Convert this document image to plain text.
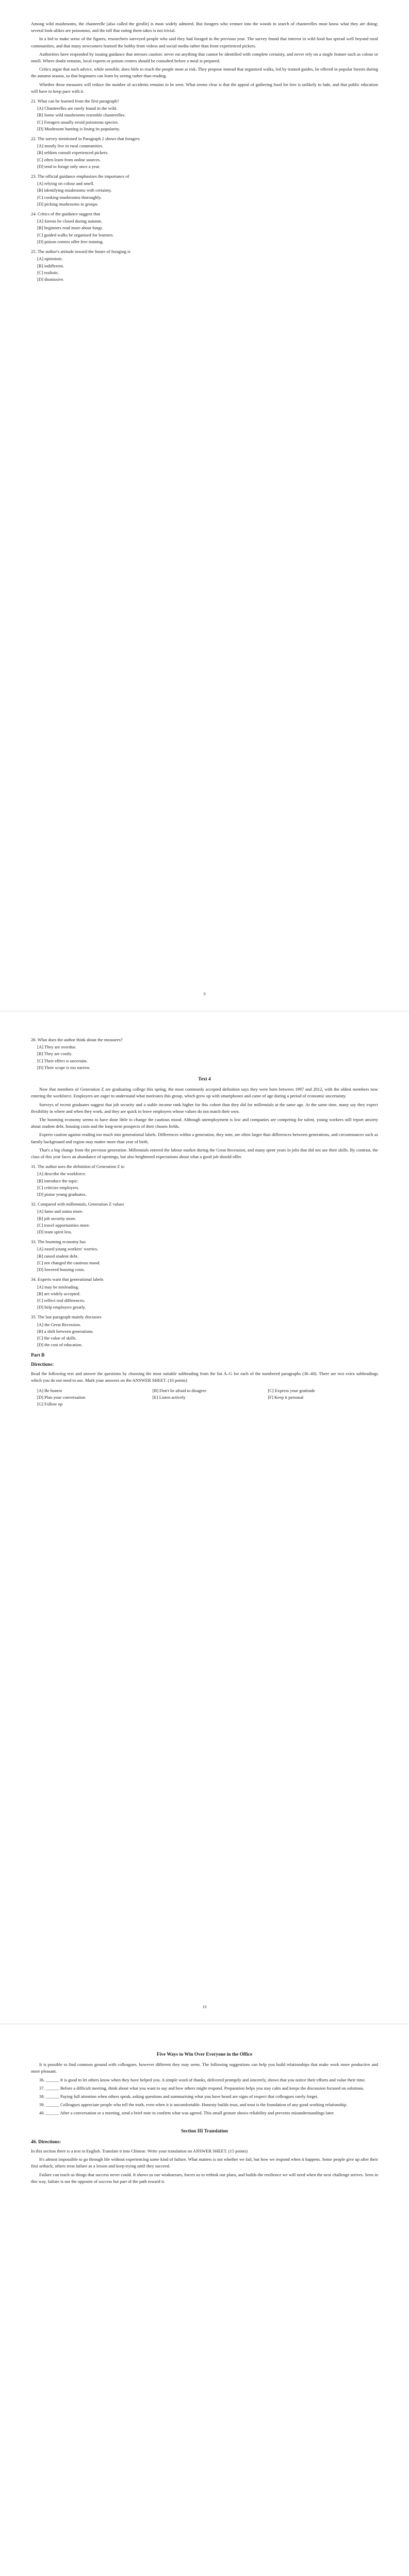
Among wild mushrooms, the chanterelle (also called the girolle) is most widely admired. But foragers who venture into the woods in search of chanterelles must know what they are doing: several look-alikes are poisonous, and the toll that eating them takes is not trivial.

In a bid to make sense of the figures, researchers surveyed people who said they had foraged in the previous year. The survey found that interest in wild food has spread well beyond rural communities, and that many newcomers learned the hobby from videos and social media rather than from experienced pickers.

Authorities have responded by issuing guidance that stresses caution: never eat anything that cannot be identified with complete certainty, and never rely on a single feature such as colour or smell. Where doubt remains, local experts or poison centres should be consulted before a meal is prepared.

Critics argue that such advice, while sensible, does little to reach the people most at risk. They propose instead that organised walks, led by trained guides, be offered in popular forests during the autumn season, so that beginners can learn by seeing rather than reading.

Whether these measures will reduce the number of accidents remains to be seen. What seems clear is that the appeal of gathering food for free is unlikely to fade, and that public education will have to keep pace with it.

21. What can be learned from the first paragraph?

[A] Chanterelles are rarely found in the wild.

[B] Some wild mushrooms resemble chanterelles.

[C] Foragers usually avoid poisonous species.

[D] Mushroom hunting is losing its popularity.

22. The survey mentioned in Paragraph 2 shows that foragers

[A] mostly live in rural communities.

[B] seldom consult experienced pickers.

[C] often learn from online sources.

[D] tend to forage only once a year.

23. The official guidance emphasizes the importance of

[A] relying on colour and smell.

[B] identifying mushrooms with certainty.

[C] cooking mushrooms thoroughly.

[D] picking mushrooms in groups.

24. Critics of the guidance suggest that

[A] forests be closed during autumn.

[B] beginners read more about fungi.

[C] guided walks be organised for learners.

[D] poison centres offer free training.

25. The author's attitude toward the future of foraging is

[A] optimistic.

[B] indifferent.

[C] realistic.

[D] dismissive.

9

26. What does the author think about the measures?

[A] They are overdue.

[B] They are costly.

[C] Their effect is uncertain.

[D] Their scope is too narrow.

Text 4

Now that members of Generation Z are graduating college this spring, the most commonly accepted definition says they were born between 1997 and 2012, with the oldest members now entering the workforce. Employers are eager to understand what motivates this group, which grew up with smartphones and came of age during a period of economic uncertainty.

Surveys of recent graduates suggest that job security and a stable income rank higher for this cohort than they did for millennials at the same age. At the same time, many say they expect flexibility in where and when they work, and they are quick to leave employers whose values do not match their own.

The booming economy seems to have done little to change the cautious mood. Although unemployment is low and companies are competing for talent, young workers still report anxiety about student debt, housing costs and the long-term prospects of their chosen fields.

Experts caution against reading too much into generational labels. Differences within a generation, they note, are often larger than differences between generations, and circumstances such as family background and region may matter more than year of birth.

That's a big change from the previous generation. Millennials entered the labour market during the Great Recession, and many spent years in jobs that did not use their skills. By contrast, the class of this year faces an abundance of openings, but also heightened expectations about what a good job should offer.

31. The author uses the definition of Generation Z to

[A] describe the workforce.

[B] introduce the topic.

[C] criticize employers.

[D] praise young graduates.

32. Compared with millennials, Generation Z values

[A] fame and status more.

[B] job security more.

[C] travel opportunities more.

[D] team spirit less.

33. The booming economy has

[A] eased young workers' worries.

[B] raised student debt.

[C] not changed the cautious mood.

[D] lowered housing costs.

34. Experts warn that generational labels

[A] may be misleading.

[B] are widely accepted.

[C] reflect real differences.

[D] help employers greatly.

35. The last paragraph mainly discusses

[A] the Great Recession.

[B] a shift between generations.

[C] the value of skills.

[D] the cost of education.

Part B
Directions:

Read the following text and answer the questions by choosing the most suitable subheading from the list A–G for each of the numbered paragraphs (36–40). There are two extra subheadings which you do not need to use. Mark your answers on the ANSWER SHEET. (10 points)

[A] Be honest	[B] Don't be afraid to disagree	[C] Express your gratitude
[D] Plan your conversation	[E] Listen actively	[F] Keep it personal
[G] Follow up
10
Five Ways to Win Over Everyone in the Office

It is possible to find common ground with colleagues, however different they may seem. The following suggestions can help you build relationships that make work more productive and more pleasant.

36. ______ It is good to let others know when they have helped you. A simple word of thanks, delivered promptly and sincerely, shows that you notice their efforts and value their time.

37. ______ Before a difficult meeting, think about what you want to say and how others might respond. Preparation helps you stay calm and keeps the discussion focused on solutions.

38. ______ Paying full attention when others speak, asking questions and summarising what you have heard are signs of respect that colleagues rarely forget.

39. ______ Colleagues appreciate people who tell the truth, even when it is uncomfortable. Honesty builds trust, and trust is the foundation of any good working relationship.

40. ______ After a conversation or a meeting, send a brief note to confirm what was agreed. This small gesture shows reliability and prevents misunderstandings later.

Section III Translation
46. Directions:

In this section there is a text in English. Translate it into Chinese. Write your translation on ANSWER SHEET. (15 points)

It's almost impossible to go through life without experiencing some kind of failure. What matters is not whether we fail, but how we respond when it happens. Some people give up after their first setback; others treat failure as a lesson and keep trying until they succeed.

Failure can teach us things that success never could. It shows us our weaknesses, forces us to rethink our plans, and builds the resilience we will need when the next challenge arrives. Seen in this way, failure is not the opposite of success but part of the path toward it.
